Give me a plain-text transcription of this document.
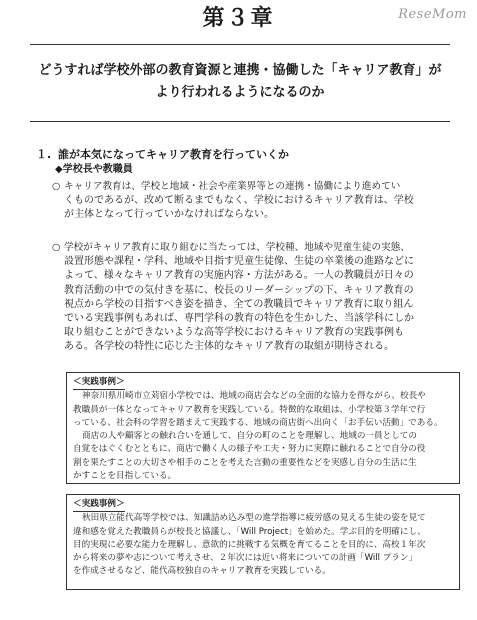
第３章	ReseMom
どうすれば学校外部の教育資源と連携・協働した「キャリア教育」が
より行われるようになるのか
１. 誰が本気になってキャリア教育を行っていくか
◆学校長や教職員
○ キャリア教育は、学校と地域・社会や産業界等との連携・協働により進めてい
くものであるが、改めて断るまでもなく、学校におけるキャリア教育は、学校
が主体となって行っていかなければならない。
○ 学校がキャリア教育に取り組むに当たっては、学校種、地域や児童生徒の実態、
設置形態や課程・学科、地域や目指す児童生徒像、生徒の卒業後の進路などに
よって、様々なキャリア教育の実施内容・方法がある。一人の教職員が日々の
教育活動の中での気付きを基に、校長のリーダーシップの下、キャリア教育の
視点から学校の目指すべき姿を描き、全ての教職員でキャリア教育に取り組ん
でいる実践事例もあれば、専門学科の教育の特色を生かした、当該学科にしか
取り組むことができないような高等学校におけるキャリア教育の実践事例も
ある。各学校の特性に応じた主体的なキャリア教育の取組が期待される。
＜実践事例＞
神奈川県川崎市立苅宿小学校では、地域の商店会などの全面的な協力を得ながら、校長や
教職員が一体となってキャリア教育を実践している。特徴的な取組は、小学校第３学年で行
っている、社会科の学習を踏まえて実践する、地域の商店街へ出向く「お手伝い活動」である。
商店の人や顧客との触れ合いを通して、自分の町のことを理解し、地域の一員としての
自覚をはぐくむとともに、商店で働く人の様子や工夫・努力に実際に触れることで自分の役
割を果たすことの大切さや相手のことを考えた言動の重要性などを実感し自分の生活に生
かすことを目指している。
＜実践事例＞
秋田県立能代高等学校では、知識詰め込み型の進学指導に疲労感の見える生徒の姿を見て
違和感を覚えた教職員らが校長と協議し、「Will Project」を始めた。学ぶ目的を明確にし、
目的実現に必要な能力を理解し、意欲的に挑戦する気概を育てることを目的に、高校１年次
から将来の夢や志について考えさせ、２年次には近い将来についての計画「Will プラン」
を作成させるなど、能代高校独自のキャリア教育を実践している。
